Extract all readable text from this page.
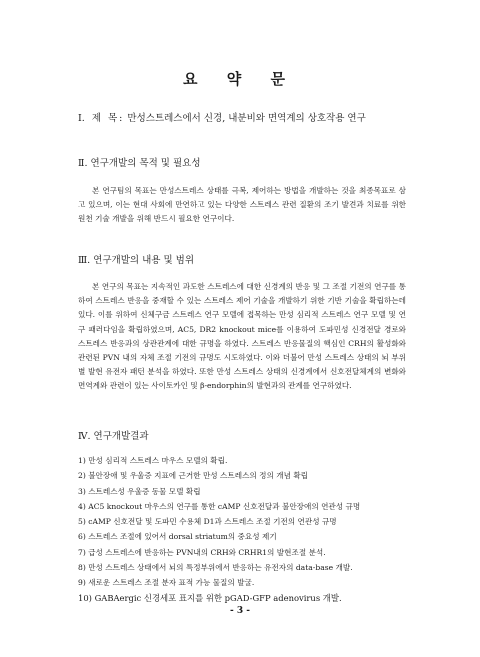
요 약 문
Ⅰ. 제 목: 만성스트레스에서 신경, 내분비와 면역계의 상호작용 연구
Ⅱ. 연구개발의 목적 및 필요성

본 연구팀의 목표는 만성스트레스 상태를 극복, 제어하는 방법을 개발하는 것을 최종목표로 삼고 있으며, 이는 현대 사회에 만연하고 있는 다양한 스트레스 관련 질환의 조기 발견과 치료를 위한 원천 기술 개발을 위해 반드시 필요한 연구이다.

Ⅲ. 연구개발의 내용 및 범위

본 연구의 목표는 지속적인 과도한 스트레스에 대한 신경계의 반응 및 그 조절 기전의 연구를 통하여 스트레스 반응을 중재할 수 있는 스트레스 제어 기술을 개발하기 위한 기반 기술을 확립하는데 있다. 이를 위하여 신체구금 스트레스 연구 모델에 접목하는 만성 심리적 스트레스 연구 모델 및 연구 패러다임을 확립하였으며, AC5, DR2 knockout mice를 이용하여 도파민성 신경전달 경로와 스트레스 반응과의 상관관계에 대한 규명을 하였다. 스트레스 반응물질의 핵심인 CRH의 활성화와 관련된 PVN 내의 자체 조절 기전의 규명도 시도하였다. 이와 더불어 만성 스트레스 상태의 뇌 부위별 발현 유전자 패턴 분석을 하였다. 또한 만성 스트레스 상태의 신경계에서 신호전달체계의 변화와 면역계와 관련이 있는 사이토카인 및 β-endorphin의 발현과의 관계를 연구하였다.

Ⅳ. 연구개발결과
1) 만성 심리적 스트레스 마우스 모델의 확립.
2) 불안장애 및 우울증 지표에 근거한 만성 스트레스의 정의 개념 확립
3) 스트레스성 우울증 동물 모델 확립
4) AC5 knockout 마우스의 연구를 통한 cAMP 신호전달과 불안장애의 연관성 규명
5) cAMP 신호전달 및 도파민 수용체 D1과 스트레스 조절 기전의 연관성 규명
6) 스트레스 조절에 있어서 dorsal striatum의 중요성 제기
7) 급성 스트레스에 반응하는 PVN내의 CRH와 CRHR1의 발현조절 분석.
8) 만성 스트레스 상태에서 뇌의 특정부위에서 반응하는 유전자의 data-base 개발.
9) 새로운 스트레스 조절 분자 표적 가능 물질의 발굴.
10) GABAergic 신경세포 표지를 위한 pGAD-GFP adenovirus 개발.
- 3 -
